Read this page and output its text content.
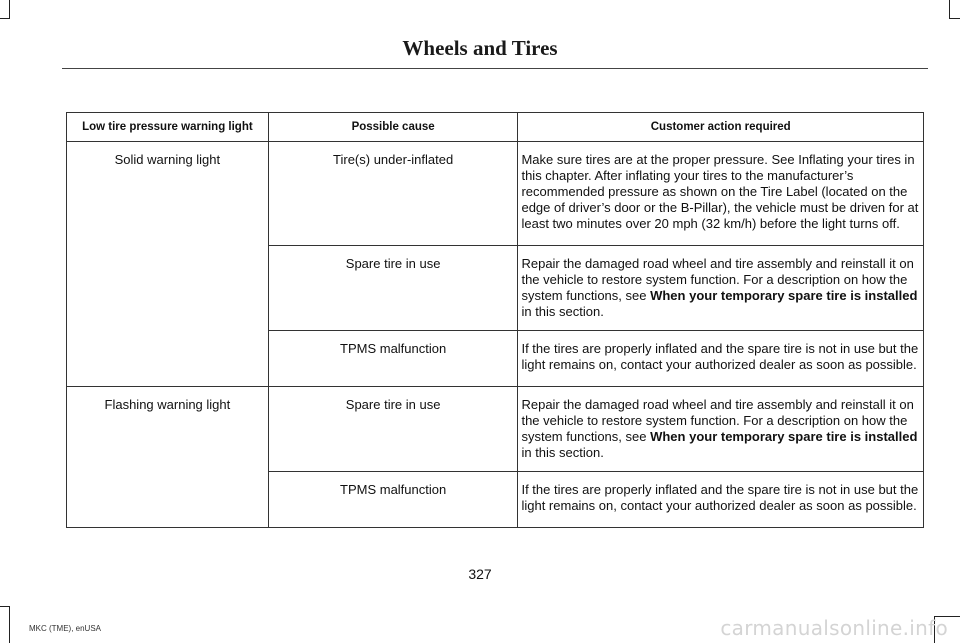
Wheels and Tires
Low tire pressure warning light	Possible cause	Customer action required
Solid warning light	Tire(s) under-inflated	Make sure tires are at the proper pressure. See Inflating your tires in this chapter. After inflating your tires to the manufacturer’s recommended pressure as shown on the Tire Label (located on the edge of driver’s door or the B-Pillar), the vehicle must be driven for at least two minutes over 20 mph (32 km/h) before the light turns off.
	Spare tire in use	Repair the damaged road wheel and tire assembly and reinstall it on the vehicle to restore system function. For a description on how the system functions, see When your temporary spare tire is installed in this section.
	TPMS malfunction	If the tires are properly inflated and the spare tire is not in use but the light remains on, contact your authorized dealer as soon as possible.
Flashing warning light	Spare tire in use	Repair the damaged road wheel and tire assembly and reinstall it on the vehicle to restore system function. For a description on how the system functions, see When your temporary spare tire is installed in this section.
	TPMS malfunction	If the tires are properly inflated and the spare tire is not in use but the light remains on, contact your authorized dealer as soon as possible.
327
MKC (TME), enUSA	carmanualsonline.info
